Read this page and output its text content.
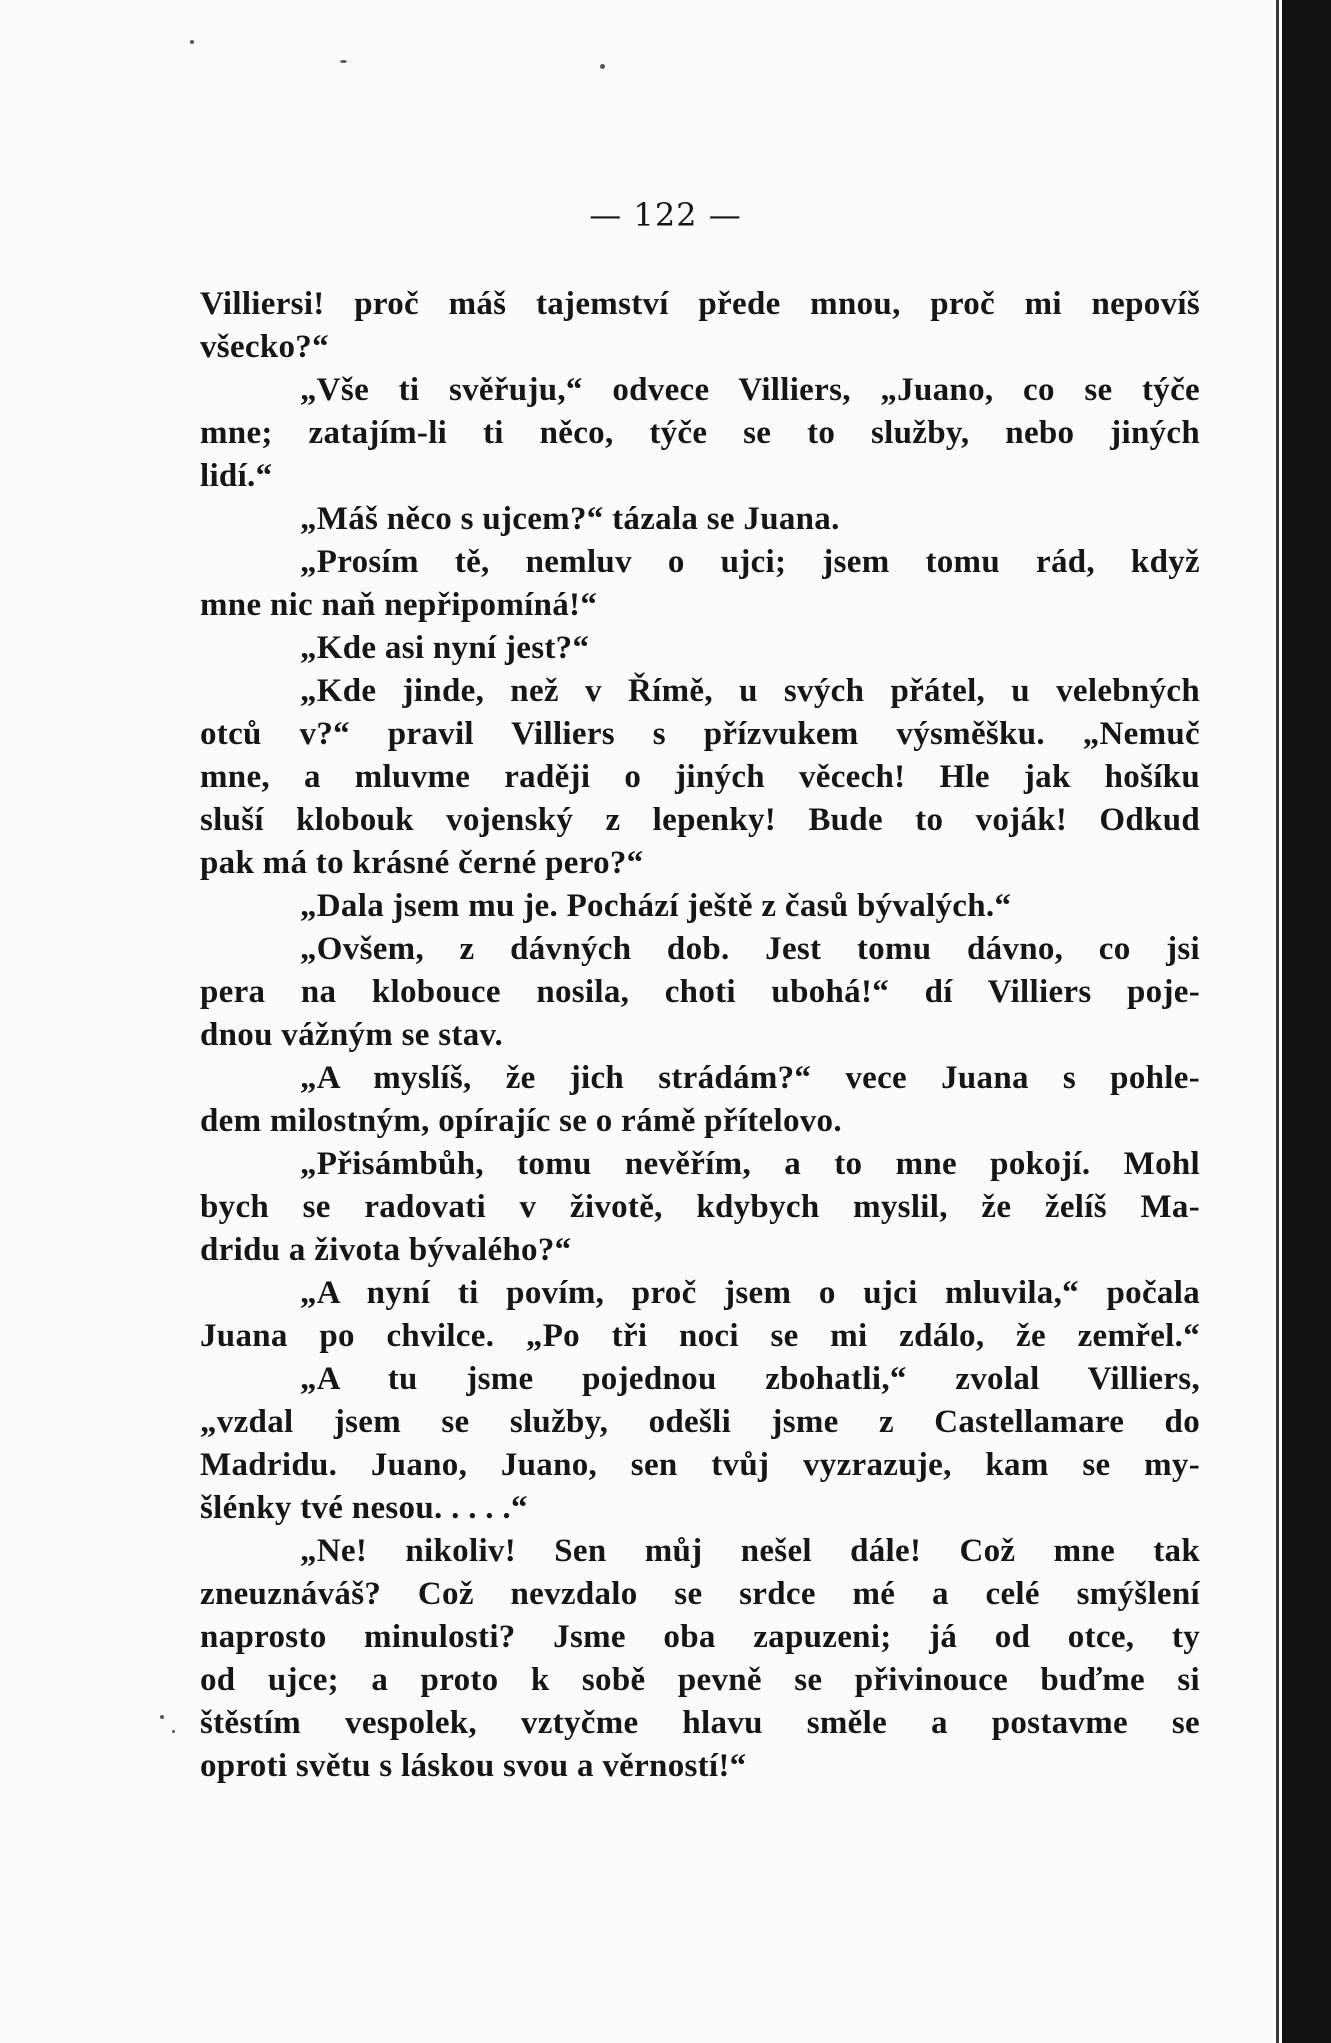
— 122 —
Villiersi! proč máš tajemství přede mnou, proč mi nepovíš
všecko?“
„Vše ti svěřuju,“ odvece Villiers, „Juano, co se týče
mne; zatajím-li ti něco, týče se to služby, nebo jiných
lidí.“
„Máš něco s ujcem?“ tázala se Juana.
„Prosím tě, nemluv o ujci; jsem tomu rád, když
mne nic naň nepřipomíná!“
„Kde asi nyní jest?“
„Kde jinde, než v Římě, u svých přátel, u velebných
otců v?“ pravil Villiers s přízvukem výsměšku. „Nemuč
mne, a mluvme raději o jiných věcech! Hle jak hošíku
sluší klobouk vojenský z lepenky! Bude to voják! Odkud
pak má to krásné černé pero?“
„Dala jsem mu je. Pochází ještě z časů bývalých.“
„Ovšem, z dávných dob. Jest tomu dávno, co jsi
pera na klobouce nosila, choti ubohá!“ dí Villiers poje-
dnou vážným se stav.
„A myslíš, že jich strádám?“ vece Juana s pohle-
dem milostným, opírajíc se o rámě přítelovo.
„Přisámbůh, tomu nevěřím, a to mne pokojí. Mohl
bych se radovati v životě, kdybych myslil, že želíš Ma-
dridu a života bývalého?“
„A nyní ti povím, proč jsem o ujci mluvila,“ počala
Juana po chvilce. „Po tři noci se mi zdálo, že zemřel.“
„A tu jsme pojednou zbohatli,“ zvolal Villiers,
„vzdal jsem se služby, odešli jsme z Castellamare do
Madridu. Juano, Juano, sen tvůj vyzrazuje, kam se my-
šlénky tvé nesou. . . . .“
„Ne! nikoliv! Sen můj nešel dále! Což mne tak
zneuznáváš? Což nevzdalo se srdce mé a celé smýšlení
naprosto minulosti? Jsme oba zapuzeni; já od otce, ty
od ujce; a proto k sobě pevně se přivinouce buďme si
štěstím vespolek, vztyčme hlavu směle a postavme se
oproti světu s láskou svou a věrností!“
